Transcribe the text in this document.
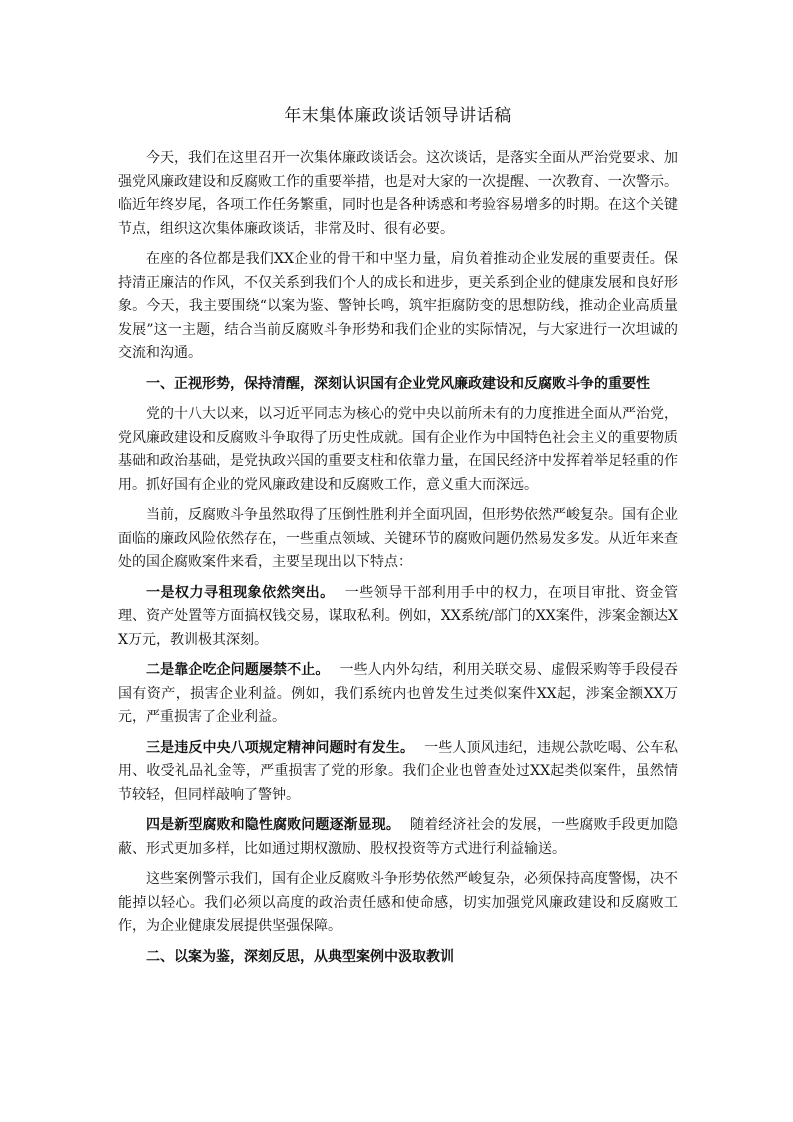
年末集体廉政谈话领导讲话稿

今天，我们在这里召开一次集体廉政谈话会。这次谈话，是落实全面从严治党要求、加强党风廉政建设和反腐败工作的重要举措，也是对大家的一次提醒、一次教育、一次警示。临近年终岁尾，各项工作任务繁重，同时也是各种诱惑和考验容易增多的时期。在这个关键节点，组织这次集体廉政谈话，非常及时、很有必要。

在座的各位都是我们XX企业的骨干和中坚力量，肩负着推动企业发展的重要责任。保持清正廉洁的作风，不仅关系到我们个人的成长和进步，更关系到企业的健康发展和良好形象。今天，我主要围绕“以案为鉴、警钟长鸣，筑牢拒腐防变的思想防线，推动企业高质量发展”这一主题，结合当前反腐败斗争形势和我们企业的实际情况，与大家进行一次坦诚的交流和沟通。

一、正视形势，保持清醒，深刻认识国有企业党风廉政建设和反腐败斗争的重要性

党的十八大以来，以习近平同志为核心的党中央以前所未有的力度推进全面从严治党，党风廉政建设和反腐败斗争取得了历史性成就。国有企业作为中国特色社会主义的重要物质基础和政治基础，是党执政兴国的重要支柱和依靠力量，在国民经济中发挥着举足轻重的作用。抓好国有企业的党风廉政建设和反腐败工作，意义重大而深远。

当前，反腐败斗争虽然取得了压倒性胜利并全面巩固，但形势依然严峻复杂。国有企业面临的廉政风险依然存在，一些重点领域、关键环节的腐败问题仍然易发多发。从近年来查处的国企腐败案件来看，主要呈现出以下特点：

一是权力寻租现象依然突出。 一些领导干部利用手中的权力，在项目审批、资金管理、资产处置等方面搞权钱交易，谋取私利。例如，XX系统/部门的XX案件，涉案金额达XX万元，教训极其深刻。

二是靠企吃企问题屡禁不止。 一些人内外勾结，利用关联交易、虚假采购等手段侵吞国有资产，损害企业利益。例如，我们系统内也曾发生过类似案件XX起，涉案金额XX万元，严重损害了企业利益。

三是违反中央八项规定精神问题时有发生。 一些人顶风违纪，违规公款吃喝、公车私用、收受礼品礼金等，严重损害了党的形象。我们企业也曾查处过XX起类似案件，虽然情节较轻，但同样敲响了警钟。

四是新型腐败和隐性腐败问题逐渐显现。 随着经济社会的发展，一些腐败手段更加隐蔽、形式更加多样，比如通过期权激励、股权投资等方式进行利益输送。

这些案例警示我们，国有企业反腐败斗争形势依然严峻复杂，必须保持高度警惕，决不能掉以轻心。我们必须以高度的政治责任感和使命感，切实加强党风廉政建设和反腐败工作，为企业健康发展提供坚强保障。

二、以案为鉴，深刻反思，从典型案例中汲取教训
